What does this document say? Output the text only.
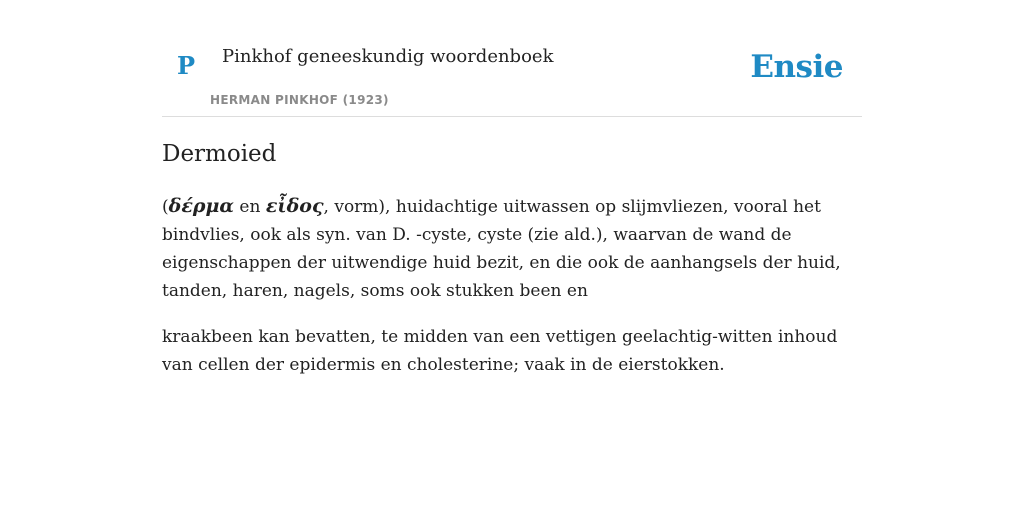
P Pinkhof geneeskundig woordenboek
HERMAN PINKHOF (1923)
Ensie
Dermoied

(δέρμα en εἶδος, vorm), huidachtige uitwassen op slijmvliezen, vooral het bindvlies, ook als syn. van D. -cyste, cyste (zie ald.), waarvan de wand de eigenschappen der uitwendige huid bezit, en die ook de aanhangsels der huid, tanden, haren, nagels, soms ook stukken been en

kraakbeen kan bevatten, te midden van een vettigen geelachtig-witten inhoud van cellen der epidermis en cholesterine; vaak in de eierstokken.
